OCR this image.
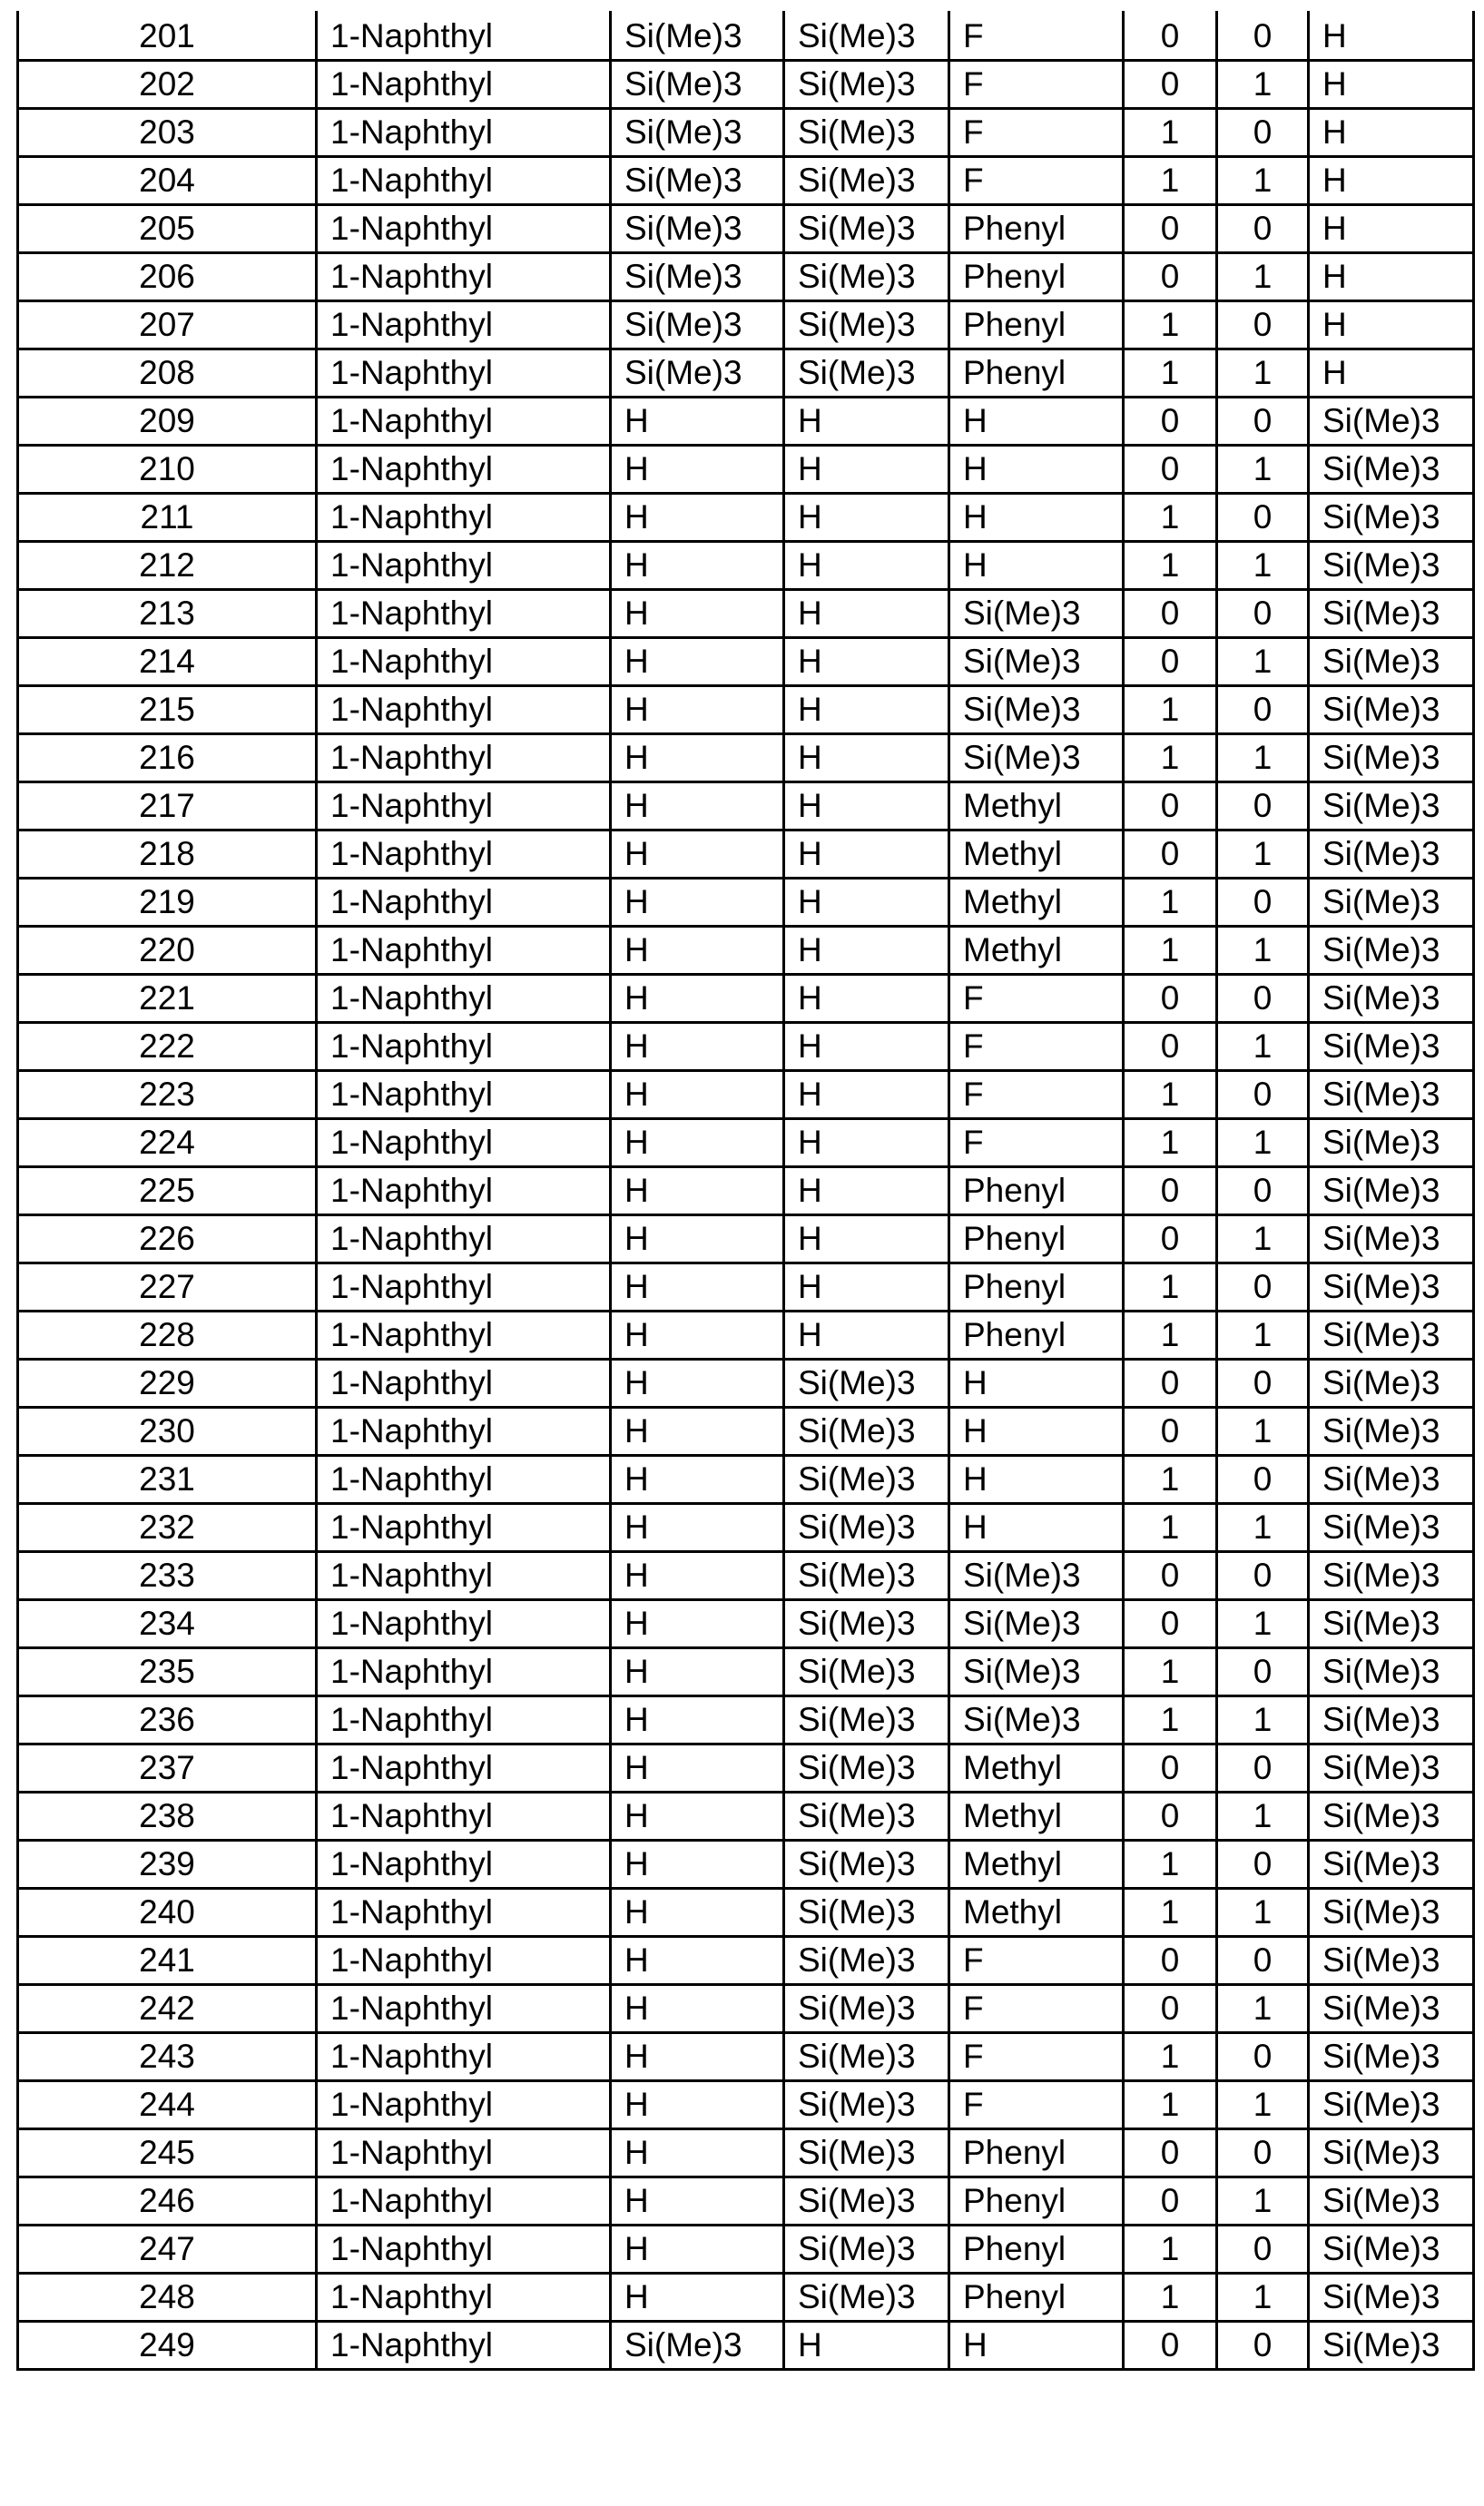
201	1-Naphthyl	Si(Me)3	Si(Me)3	F	0	0	H
202	1-Naphthyl	Si(Me)3	Si(Me)3	F	0	1	H
203	1-Naphthyl	Si(Me)3	Si(Me)3	F	1	0	H
204	1-Naphthyl	Si(Me)3	Si(Me)3	F	1	1	H
205	1-Naphthyl	Si(Me)3	Si(Me)3	Phenyl	0	0	H
206	1-Naphthyl	Si(Me)3	Si(Me)3	Phenyl	0	1	H
207	1-Naphthyl	Si(Me)3	Si(Me)3	Phenyl	1	0	H
208	1-Naphthyl	Si(Me)3	Si(Me)3	Phenyl	1	1	H
209	1-Naphthyl	H	H	H	0	0	Si(Me)3
210	1-Naphthyl	H	H	H	0	1	Si(Me)3
211	1-Naphthyl	H	H	H	1	0	Si(Me)3
212	1-Naphthyl	H	H	H	1	1	Si(Me)3
213	1-Naphthyl	H	H	Si(Me)3	0	0	Si(Me)3
214	1-Naphthyl	H	H	Si(Me)3	0	1	Si(Me)3
215	1-Naphthyl	H	H	Si(Me)3	1	0	Si(Me)3
216	1-Naphthyl	H	H	Si(Me)3	1	1	Si(Me)3
217	1-Naphthyl	H	H	Methyl	0	0	Si(Me)3
218	1-Naphthyl	H	H	Methyl	0	1	Si(Me)3
219	1-Naphthyl	H	H	Methyl	1	0	Si(Me)3
220	1-Naphthyl	H	H	Methyl	1	1	Si(Me)3
221	1-Naphthyl	H	H	F	0	0	Si(Me)3
222	1-Naphthyl	H	H	F	0	1	Si(Me)3
223	1-Naphthyl	H	H	F	1	0	Si(Me)3
224	1-Naphthyl	H	H	F	1	1	Si(Me)3
225	1-Naphthyl	H	H	Phenyl	0	0	Si(Me)3
226	1-Naphthyl	H	H	Phenyl	0	1	Si(Me)3
227	1-Naphthyl	H	H	Phenyl	1	0	Si(Me)3
228	1-Naphthyl	H	H	Phenyl	1	1	Si(Me)3
229	1-Naphthyl	H	Si(Me)3	H	0	0	Si(Me)3
230	1-Naphthyl	H	Si(Me)3	H	0	1	Si(Me)3
231	1-Naphthyl	H	Si(Me)3	H	1	0	Si(Me)3
232	1-Naphthyl	H	Si(Me)3	H	1	1	Si(Me)3
233	1-Naphthyl	H	Si(Me)3	Si(Me)3	0	0	Si(Me)3
234	1-Naphthyl	H	Si(Me)3	Si(Me)3	0	1	Si(Me)3
235	1-Naphthyl	H	Si(Me)3	Si(Me)3	1	0	Si(Me)3
236	1-Naphthyl	H	Si(Me)3	Si(Me)3	1	1	Si(Me)3
237	1-Naphthyl	H	Si(Me)3	Methyl	0	0	Si(Me)3
238	1-Naphthyl	H	Si(Me)3	Methyl	0	1	Si(Me)3
239	1-Naphthyl	H	Si(Me)3	Methyl	1	0	Si(Me)3
240	1-Naphthyl	H	Si(Me)3	Methyl	1	1	Si(Me)3
241	1-Naphthyl	H	Si(Me)3	F	0	0	Si(Me)3
242	1-Naphthyl	H	Si(Me)3	F	0	1	Si(Me)3
243	1-Naphthyl	H	Si(Me)3	F	1	0	Si(Me)3
244	1-Naphthyl	H	Si(Me)3	F	1	1	Si(Me)3
245	1-Naphthyl	H	Si(Me)3	Phenyl	0	0	Si(Me)3
246	1-Naphthyl	H	Si(Me)3	Phenyl	0	1	Si(Me)3
247	1-Naphthyl	H	Si(Me)3	Phenyl	1	0	Si(Me)3
248	1-Naphthyl	H	Si(Me)3	Phenyl	1	1	Si(Me)3
249	1-Naphthyl	Si(Me)3	H	H	0	0	Si(Me)3
